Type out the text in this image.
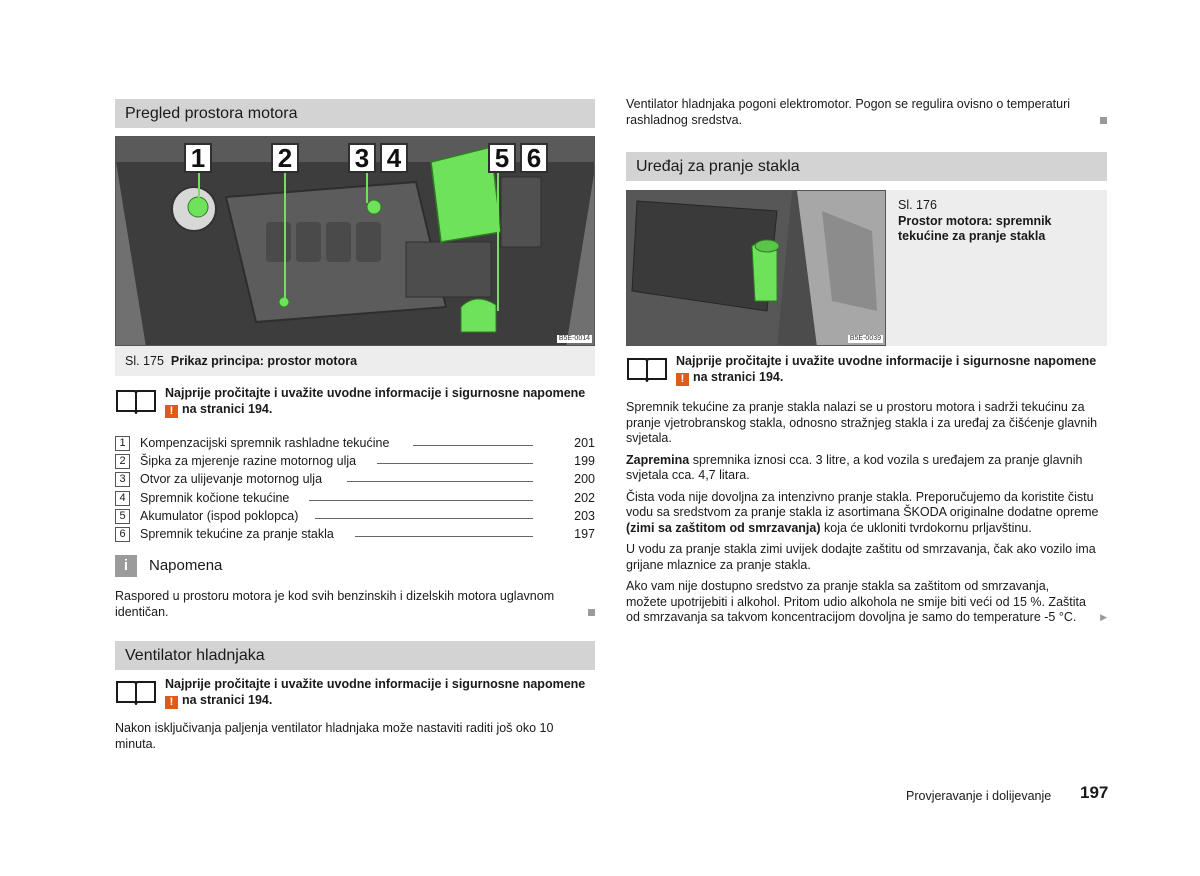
Pregled prostora motora
1	2 3 4	5 6
B5E-0014
Sl. 175 Prikaz principa: prostor motora
Najprije pročitajte i uvažite uvodne informacije i sigurnosne napomene
! na stranici 194.
1	Kompenzacijski spremnik rashladne tekućine	201
2	Šipka za mjerenje razine motornog ulja	199
3	Otvor za ulijevanje motornog ulja	200
4	Spremnik kočione tekućine	202
5	Akumulator (ispod poklopca)	203
6	Spremnik tekućine za pranje stakla	197
i	Napomena

Raspored u prostoru motora je kod svih benzinskih i dizelskih motora uglavnom identičan.

Ventilator hladnjaka
Najprije pročitajte i uvažite uvodne informacije i sigurnosne napomene
! na stranici 194.

Nakon isključivanja paljenja ventilator hladnjaka može nastaviti raditi još oko 10 minuta.

Ventilator hladnjaka pogoni elektromotor. Pogon se regulira ovisno o temperaturi rashladnog sredstva.

Uređaj za pranje stakla
B5E-0039
Sl. 176
Prostor motora: spremnik tekućine za pranje stakla
Najprije pročitajte i uvažite uvodne informacije i sigurnosne napomene
! na stranici 194.

Spremnik tekućine za pranje stakla nalazi se u prostoru motora i sadrži tekućinu za pranje vjetrobranskog stakla, odnosno stražnjeg stakla i za uređaj za čišćenje glavnih svjetala.

Zapremina spremnika iznosi cca. 3 litre, a kod vozila s uređajem za pranje glavnih svjetala cca. 4,7 litara.

Čista voda nije dovoljna za intenzivno pranje stakla. Preporučujemo da koristite čistu vodu sa sredstvom za pranje stakla iz asortimana ŠKODA originalne dodatne opreme (zimi sa zaštitom od smrzavanja) koja će ukloniti tvrdokornu prljavštinu.

U vodu za pranje stakla zimi uvijek dodajte zaštitu od smrzavanja, čak ako vozilo ima grijane mlaznice za pranje stakla.

Ako vam nije dostupno sredstvo za pranje stakla sa zaštitom od smrzavanja, možete upotrijebiti i alkohol. Pritom udio alkohola ne smije biti veći od 15 %. Zaštita od smrzavanja sa takvom koncentracijom dovoljna je samo do temperature -5 °C.	▶

Provjeravanje i dolijevanje 197
